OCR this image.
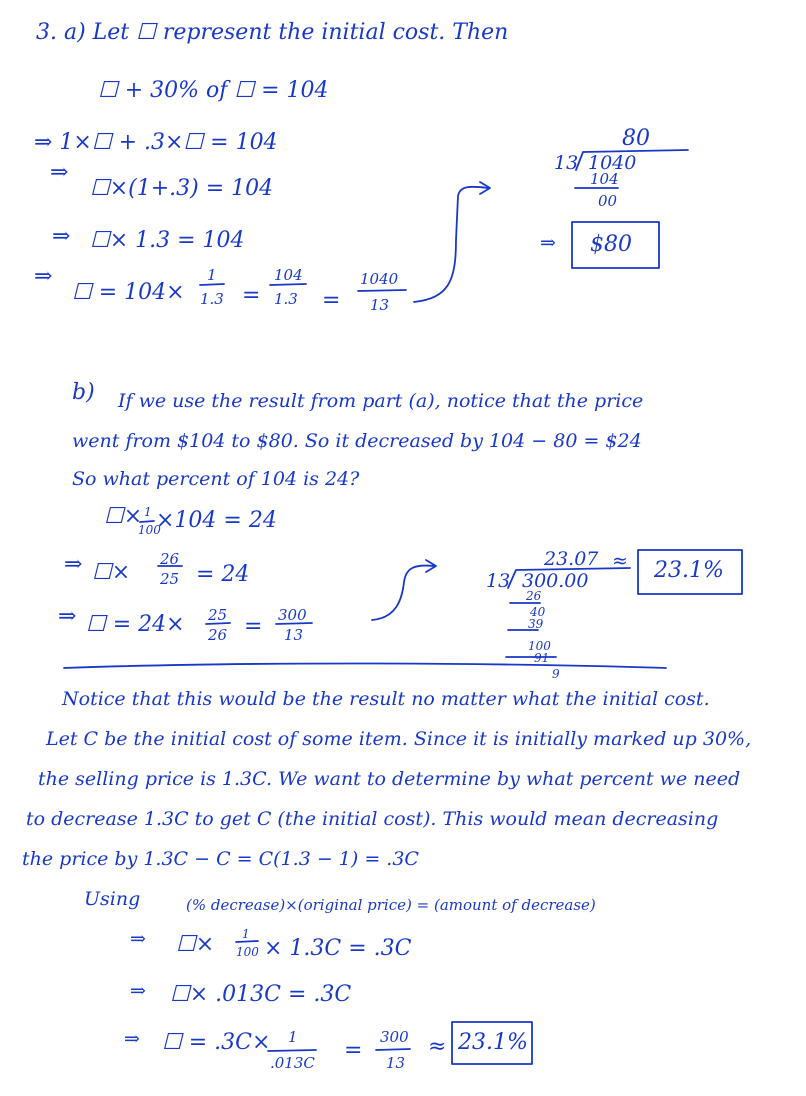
3. a) Let ☐ represent the initial cost. Then
☐ + 30% of ☐ = 104
⇒ 1×☐ + .3×☐ = 104
⇒
☐×(1+.3) = 104
⇒ ☐× 1.3 = 104
⇒
☐ = 104×
1
1.3 =
104
1.3 =
1040
13
80
13 1040
104
00
⇒ $80
b) If we use the result from part (a), notice that the price
went from $104 to $80. So it decreased by 104 − 80 = $24
So what percent of 104 is 24?
☐× 1
100
×104 = 24
⇒ ☐×
26
25 = 24
⇒ ☐ = 24× 25
26 = 300
13
23.07 ≈
13 300.00
26
40
39
100
91
9
23.1%
Notice that this would be the result no matter what the initial cost.
Let C be the initial cost of some item. Since it is initially marked up 30%,
the selling price is 1.3C. We want to determine by what percent we need
to decrease 1.3C to get C (the initial cost). This would mean decreasing
the price by 1.3C − C = C(1.3 − 1) = .3C
Using	(% decrease)×(original price) = (amount of decrease)
⇒ ☐× 1
100 × 1.3C = .3C
⇒ ☐× .013C = .3C
⇒ ☐ = .3C× 1
.013C =
300
13
≈ 23.1%
